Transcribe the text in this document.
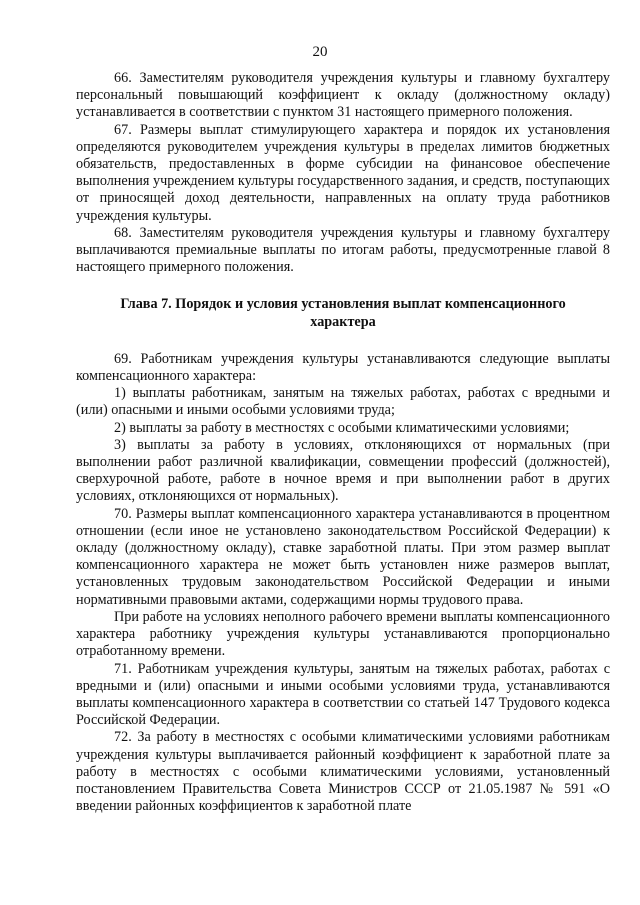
20

66. Заместителям руководителя учреждения культуры и главному бухгалтеру персональный повышающий коэффициент к окладу (должностному окладу) устанавливается в соответствии с пунктом 31 настоящего примерного положения.

67. Размеры выплат стимулирующего характера и порядок их установления определяются руководителем учреждения культуры в пределах лимитов бюджетных обязательств, предоставленных в форме субсидии на финансовое обеспечение выполнения учреждением культуры государственного задания, и средств, поступающих от приносящей доход деятельности, направленных на оплату труда работников учреждения культуры.

68. Заместителям руководителя учреждения культуры и главному бухгалтеру выплачиваются премиальные выплаты по итогам работы, предусмотренные главой 8 настоящего примерного положения.

Глава 7. Порядок и условия установления выплат компенсационного характера

69. Работникам учреждения культуры устанавливаются следующие выплаты компенсационного характера:

1) выплаты работникам, занятым на тяжелых работах, работах с вредными и (или) опасными и иными особыми условиями труда;

2) выплаты за работу в местностях с особыми климатическими условиями;

3) выплаты за работу в условиях, отклоняющихся от нормальных (при выполнении работ различной квалификации, совмещении профессий (должностей), сверхурочной работе, работе в ночное время и при выполнении работ в других условиях, отклоняющихся от нормальных).

70. Размеры выплат компенсационного характера устанавливаются в процентном отношении (если иное не установлено законодательством Российской Федерации) к окладу (должностному окладу), ставке заработной платы. При этом размер выплат компенсационного характера не может быть установлен ниже размеров выплат, установленных трудовым законодательством Российской Федерации и иными нормативными правовыми актами, содержащими нормы трудового права.

При работе на условиях неполного рабочего времени выплаты компенсационного характера работнику учреждения культуры устанавливаются пропорционально отработанному времени.

71. Работникам учреждения культуры, занятым на тяжелых работах, работах с вредными и (или) опасными и иными особыми условиями труда, устанавливаются выплаты компенсационного характера в соответствии со статьей 147 Трудового кодекса Российской Федерации.

72. За работу в местностях с особыми климатическими условиями работникам учреждения культуры выплачивается районный коэффициент к заработной плате за работу в местностях с особыми климатическими условиями, установленный постановлением Правительства Совета Министров СССР от 21.05.1987 № 591 «О введении районных коэффициентов к заработной плате
